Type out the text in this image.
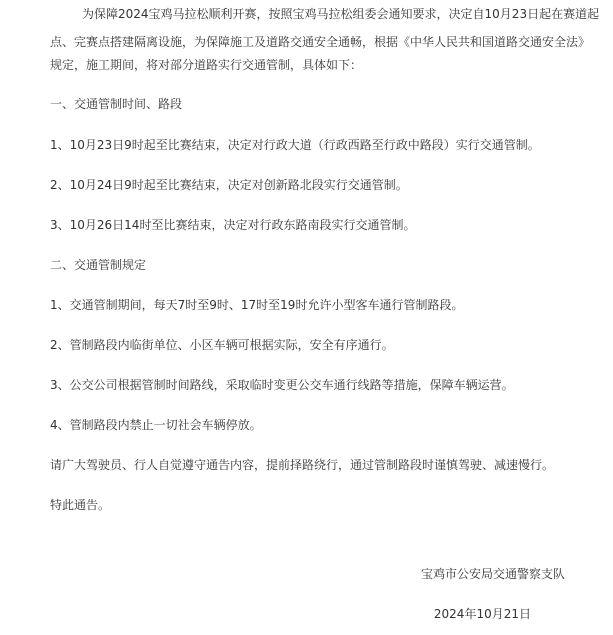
为保障2024宝鸡马拉松顺利开赛，按照宝鸡马拉松组委会通知要求，决定自10月23日起在赛道起
点、完赛点搭建隔离设施，为保障施工及道路交通安全通畅，根据《中华人民共和国道路交通安全法》
规定，施工期间，将对部分道路实行交通管制，具体如下：
一、交通管制时间、路段
1、10月23日9时起至比赛结束，决定对行政大道（行政西路至行政中路段）实行交通管制。
2、10月24日9时起至比赛结束，决定对创新路北段实行交通管制。
3、10月26日14时至比赛结束，决定对行政东路南段实行交通管制。
二、交通管制规定
1、交通管制期间，每天7时至9时、17时至19时允许小型客车通行管制路段。
2、管制路段内临街单位、小区车辆可根据实际，安全有序通行。
3、公交公司根据管制时间路线，采取临时变更公交车通行线路等措施，保障车辆运营。
4、管制路段内禁止一切社会车辆停放。
请广大驾驶员、行人自觉遵守通告内容，提前择路绕行，通过管制路段时谨慎驾驶、减速慢行。
特此通告。
宝鸡市公安局交通警察支队
2024年10月21日
